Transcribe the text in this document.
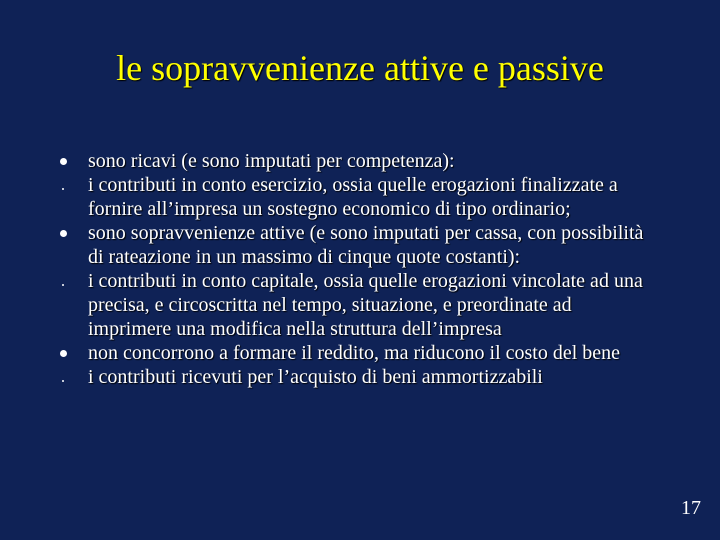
le sopravvenienze attive e passive
sono ricavi (e sono imputati per competenza):
i contributi in conto esercizio, ossia quelle erogazioni finalizzate a fornire all’impresa un sostegno economico di tipo ordinario;
sono sopravvenienze attive (e sono imputati per cassa, con possibilità di rateazione in un massimo di cinque quote costanti):
i contributi in conto capitale, ossia quelle erogazioni vincolate ad una precisa, e circoscritta nel tempo, situazione, e preordinate ad imprimere una modifica nella struttura dell’impresa
non concorrono a formare il reddito, ma riducono il costo del bene
i contributi ricevuti per l’acquisto di beni ammortizzabili
17
